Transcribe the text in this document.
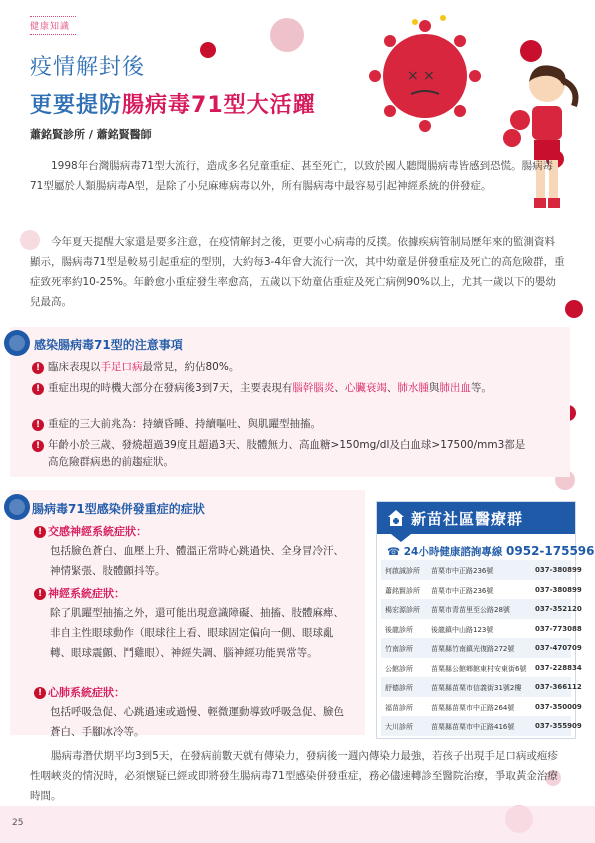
× ×
健康知識
疫情解封後
更要提防腸病毒71型大活躍
蕭銘賢診所 / 蕭銘賢醫師
1998年台灣腸病毒71型大流行，造成多名兒童重症、甚至死亡，以致於國人聽聞腸病毒皆感到恐慌。腸病毒71型屬於人類腸病毒A型，是除了小兒麻痺病毒以外，所有腸病毒中最容易引起神經系統的併發症。
今年夏天提醒大家還是要多注意，在疫情解封之後，更要小心病毒的反撲。依據疾病管制局歷年來的監測資料顯示，腸病毒71型是較易引起重症的型別，大約每3-4年會大流行一次，其中幼童是併發重症及死亡的高危險群，重症致死率約10-25%。年齡愈小重症發生率愈高，五歲以下幼童佔重症及死亡病例90%以上，尤其一歲以下的嬰幼兒最高。
感染腸病毒71型的注意事項
! 臨床表現以手足口病最常見，約佔80%。
! 重症出現的時機大部分在發病後3到7天，主要表現有腦幹腦炎、心臟衰竭、肺水腫與肺出血等。
! 重症的三大前兆為：持續昏睡、持續嘔吐、與肌躍型抽搐。
! 年齡小於三歲、發燒超過39度且超過3天、肢體無力、高血糖>150mg/dl及白血球>17500/mm3都是高危險群病患的前趨症狀。
腸病毒71型感染併發重症的症狀
! 交感神經系統症狀：
包括臉色蒼白、血壓上升、體溫正常時心跳過快、全身冒冷汗、神情緊張、肢體顫抖等。
! 神經系統症狀：
除了肌躍型抽搐之外，還可能出現意識障礙、抽搐、肢體麻痺、非自主性眼球動作（眼球往上看、眼球固定偏向一側、眼球亂轉、眼球震顫、鬥雞眼）、神經失調、腦神經功能異常等。
! 心肺系統症狀：
包括呼吸急促、心跳過速或過慢、輕微運動導致呼吸急促、臉色蒼白、手腳冰冷等。
新苗社區醫療群
☎ 24小時健康諮詢專線 0952-175596
何啟誠診所 苗栗市中正路236號	037-380899
蕭銘賢診所 苗栗市中正路236號	037-380899
楊宏源診所 苗栗市青苗里至公路28號	037-352120
後龍診所	後龍鎮中山路123號	037-773088
竹南診所	苗栗縣竹南鎮光復路272號	037-470709
公館診所	苗栗縣公館鄉館東村安東街6號 037-228834
舒德診所	苗栗縣苗栗市信義街31號2樓 037-366112
福苗診所	苗栗縣苗栗市中正路264號	037-350009
大川診所	苗栗縣苗栗市中正路416號	037-355909
腸病毒潛伏期平均3到5天，在發病前數天就有傳染力，發病後一週內傳染力最強，若孩子出現手足口病或疱疹性咽峽炎的情況時，必須懷疑已經或即將發生腸病毒71型感染併發重症，務必儘速轉診至醫院治療，爭取黃金治療時間。
25
